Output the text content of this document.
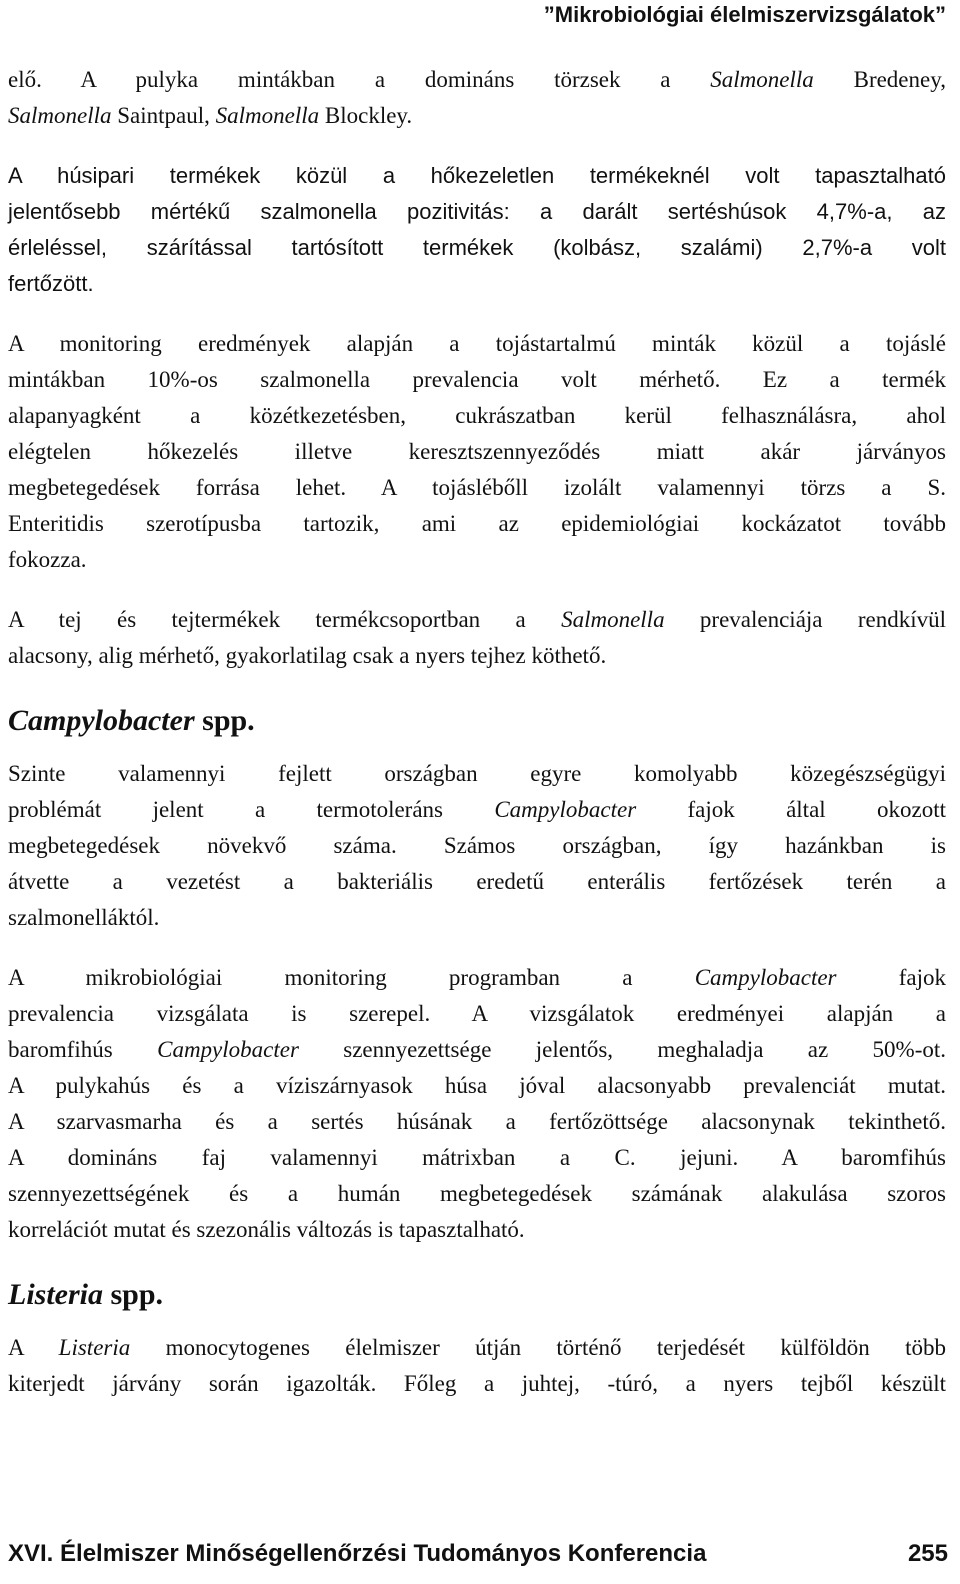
”Mikrobiológiai élelmiszervizsgálatok”
elő. A pulyka mintákban a domináns törzsek a Salmonella Bredeney,
Salmonella Saintpaul, Salmonella Blockley.
A húsipari termékek közül a hőkezeletlen termékeknél volt tapasztalható
jelentősebb mértékű szalmonella pozitivitás: a darált sertéshúsok 4,7%-a, az
érleléssel, szárítással tartósított termékek (kolbász, szalámi) 2,7%-a volt
fertőzött.
A monitoring eredmények alapján a tojástartalmú minták közül a tojáslé
mintákban 10%-os szalmonella prevalencia volt mérhető. Ez a termék
alapanyagként a közétkezetésben, cukrászatban kerül felhasználásra, ahol
elégtelen hőkezelés illetve keresztszennyeződés miatt akár járványos
megbetegedések forrása lehet. A tojáslébőll izolált valamennyi törzs a S.
Enteritidis szerotípusba tartozik, ami az epidemiológiai kockázatot tovább
fokozza.
A tej és tejtermékek termékcsoportban a Salmonella prevalenciája rendkívül
alacsony, alig mérhető, gyakorlatilag csak a nyers tejhez köthető.
Campylobacter spp.
Szinte valamennyi fejlett országban egyre komolyabb közegészségügyi
problémát jelent a termotoleráns Campylobacter fajok által okozott
megbetegedések növekvő száma. Számos országban, így hazánkban is
átvette a vezetést a bakteriális eredetű enterális fertőzések terén a
szalmonelláktól.
A mikrobiológiai monitoring programban a Campylobacter fajok
prevalencia vizsgálata is szerepel. A vizsgálatok eredményei alapján a
baromfihús Campylobacter szennyezettsége jelentős, meghaladja az 50%-ot.
A pulykahús és a víziszárnyasok húsa jóval alacsonyabb prevalenciát mutat.
A szarvasmarha és a sertés húsának a fertőzöttsége alacsonynak tekinthető.
A domináns faj valamennyi mátrixban a C. jejuni. A baromfihús
szennyezettségének és a humán megbetegedések számának alakulása szoros
korrelációt mutat és szezonális változás is tapasztalható.
Listeria spp.
A Listeria monocytogenes élelmiszer útján történő terjedését külföldön több
kiterjedt járvány során igazolták. Főleg a juhtej, -túró, a nyers tejből készült
XVI. Élelmiszer Minőségellenőrzési Tudományos Konferencia	255
